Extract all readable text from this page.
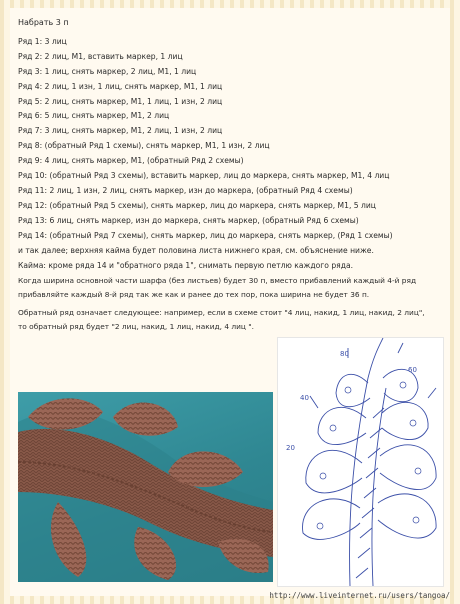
Набрать 3 п
Ряд 1: 3 лиц
Ряд 2: 2 лиц, М1, вставить маркер, 1 лиц
Ряд 3: 1 лиц, снять маркер, 2 лиц, М1, 1 лиц
Ряд 4: 2 лиц, 1 изн, 1 лиц, снять маркер, М1, 1 лиц
Ряд 5: 2 лиц, снять маркер, М1, 1 лиц, 1 изн, 2 лиц
Ряд 6: 5 лиц, снять маркер, М1, 2 лиц
Ряд 7: 3 лиц, снять маркер, М1, 2 лиц, 1 изн, 2 лиц
Ряд 8: (обратный Ряд 1 схемы), снять маркер, М1, 1 изн, 2 лиц
Ряд 9: 4 лиц, снять маркер, М1, (обратный Ряд 2 схемы)
Ряд 10: (обратный Ряд 3 схемы), вставить маркер, лиц до маркера, снять маркер, М1, 4 лиц
Ряд 11: 2 лиц, 1 изн, 2 лиц, снять маркер, изн до маркера, (обратный Ряд 4 схемы)
Ряд 12: (обратный Ряд 5 схемы), снять маркер, лиц до маркера, снять маркер, М1, 5 лиц
Ряд 13: 6 лиц, снять маркер, изн до маркера, снять маркер, (обратный Ряд 6 схемы)
Ряд 14: (обратный Ряд 7 схемы), снять маркер, лиц до маркера, снять маркер, (Ряд 1 схемы)
и так далее; верхняя кайма будет половина листа нижнего края, см. объяснение ниже.
Кайма: кроме ряда 14 и "обратного ряда 1", снимать первую петлю каждого ряда.
Когда ширина основной части шарфа (без листьев) будет 30 п, вместо прибавлений каждый 4-й ряд
прибавляйте каждый 8-й ряд так же как и ранее до тех пор, пока ширина не будет 36 п.
Обратный ряд означает следующее: например, если в схеме стоит "4 лиц, накид, 1 лиц, накид, 2 лиц",
то обратный ряд будет "2 лиц, накид, 1 лиц, накид, 4 лиц ".
80
60
40
20
http://www.liveinternet.ru/users/tangoa/
